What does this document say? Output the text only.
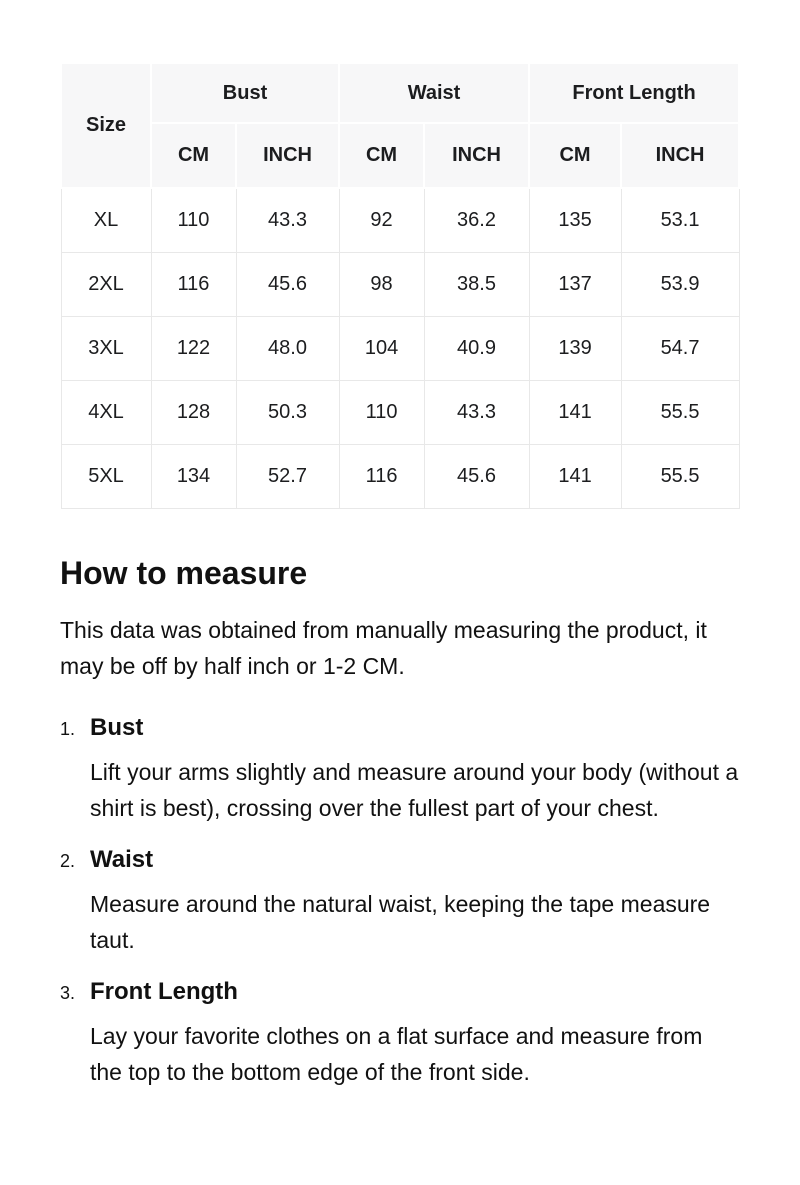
Size	Bust		Waist		Front Length	
	CM	INCH	CM	INCH	CM	INCH
XL	110	43.3	92	36.2	135	53.1
2XL	116	45.6	98	38.5	137	53.9
3XL	122	48.0	104	40.9	139	54.7
4XL	128	50.3	110	43.3	141	55.5
5XL	134	52.7	116	45.6	141	55.5
How to measure

This data was obtained from manually measuring the product, it may be off by half inch or 1-2 CM.

1. Bust

Lift your arms slightly and measure around your body (without a shirt is best), crossing over the fullest part of your chest.

2. Waist

Measure around the natural waist, keeping the tape measure taut.

3. Front Length

Lay your favorite clothes on a flat surface and measure from the top to the bottom edge of the front side.
